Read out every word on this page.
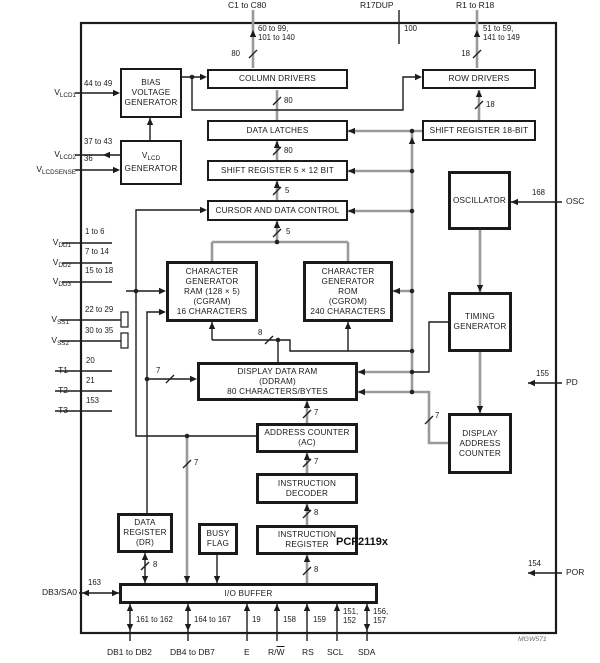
BIAS
VOLTAGE
GENERATOR
$V_{LCD}$
GENERATOR
COLUMN DRIVERS	ROW DRIVERS
DATA LATCHES	SHIFT REGISTER 18-BIT
SHIFT REGISTER 5 × 12 BIT
CURSOR AND DATA CONTROL
OSCILLATOR
CHARACTER
GENERATOR
RAM (128 × 5)
(CGRAM)
16 CHARACTERS
CHARACTER
GENERATOR
ROM
(CGROM)
240 CHARACTERS
TIMING
GENERATOR
DISPLAY DATA RAM
(DDRAM)
80 CHARACTERS/BYTES
DISPLAY
ADDRESS
COUNTER
ADDRESS COUNTER
(AC)
INSTRUCTION
DECODER
INSTRUCTION
REGISTER
DATA
REGISTER
(DR)
BUSY
FLAG
I/O BUFFER
C1 to C80
60 to 99,
101 to 140
80
R17DUP
100
R1 to R18
51 to 59,
141 to 149
18
$V_{LCD1}$
44 to 49
$V_{LCD2}$
37 to 43
$V_{LCDSENSE}$
36
$V_{DD1}$
1 to 6
$V_{DD2}$
7 to 14
$V_{DD3}$
15 to 18
$V_{SS1}$
22 to 29
$V_{SS2}$
30 to 35
T1
20
T2
21
T3
153
DB3/SA0
163
OSC
168
PD
155
POR
154
DB1 to DB2
161 to 162
DB4 to DB7
164 to 167
E
19
$R/\overline{W}$
158
RS
159
SCL
151,
152
SDA
156,
157
80
80
5
5
18
8
7
7
7
8
8
8
7
7
PCF2119x
MGW571
